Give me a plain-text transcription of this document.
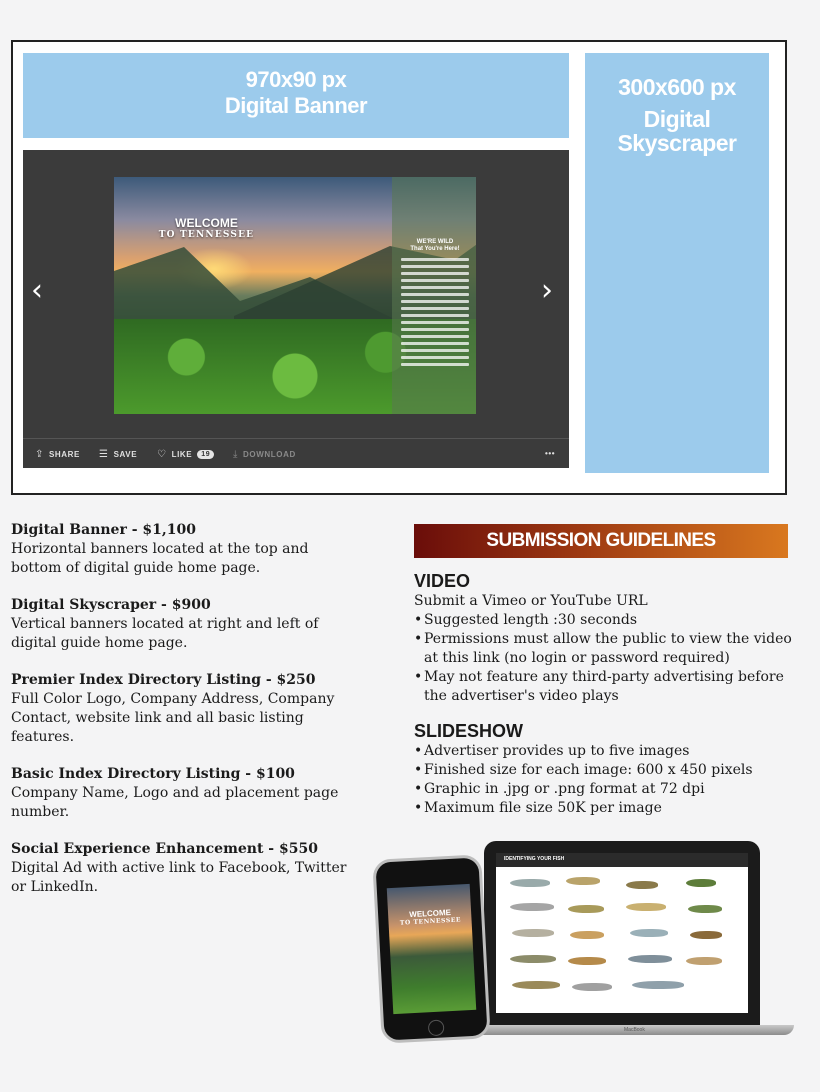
970x90 px
Digital Banner
300x600 px
Digital
Skyscraper
‹
WELCOME
TO TENNESSEE
WE'RE WILD
That You're Here!
›
⇪ SHARE ☰ SAVE ♡ LIKE	19	⤓ DOWNLOAD	•••
Digital Banner - $1,100
Horizontal banners located at the top and bottom of digital guide home page.
Digital Skyscraper - $900
Vertical banners located at right and left of digital guide home page.
Premier Index Directory Listing - $250
Full Color Logo, Company Address, Company Contact, website link and all basic listing features.
Basic Index Directory Listing - $100
Company Name, Logo and ad placement page number.
Social Experience Enhancement - $550
Digital Ad with active link to Facebook, Twitter or LinkedIn.
SUBMISSION GUIDELINES
VIDEO
Submit a Vimeo or YouTube URL
• Suggested length :30 seconds
• Permissions must allow the public to view the video at this link (no login or password required)
• May not feature any third-party advertising before the advertiser's video plays
SLIDESHOW
• Advertiser provides up to five images
• Finished size for each image: 600 x 450 pixels
• Graphic in .jpg or .png format at 72 dpi
• Maximum file size 50K per image
IDENTIFYING YOUR FISH
MacBook
WELCOME
TO TENNESSEE
